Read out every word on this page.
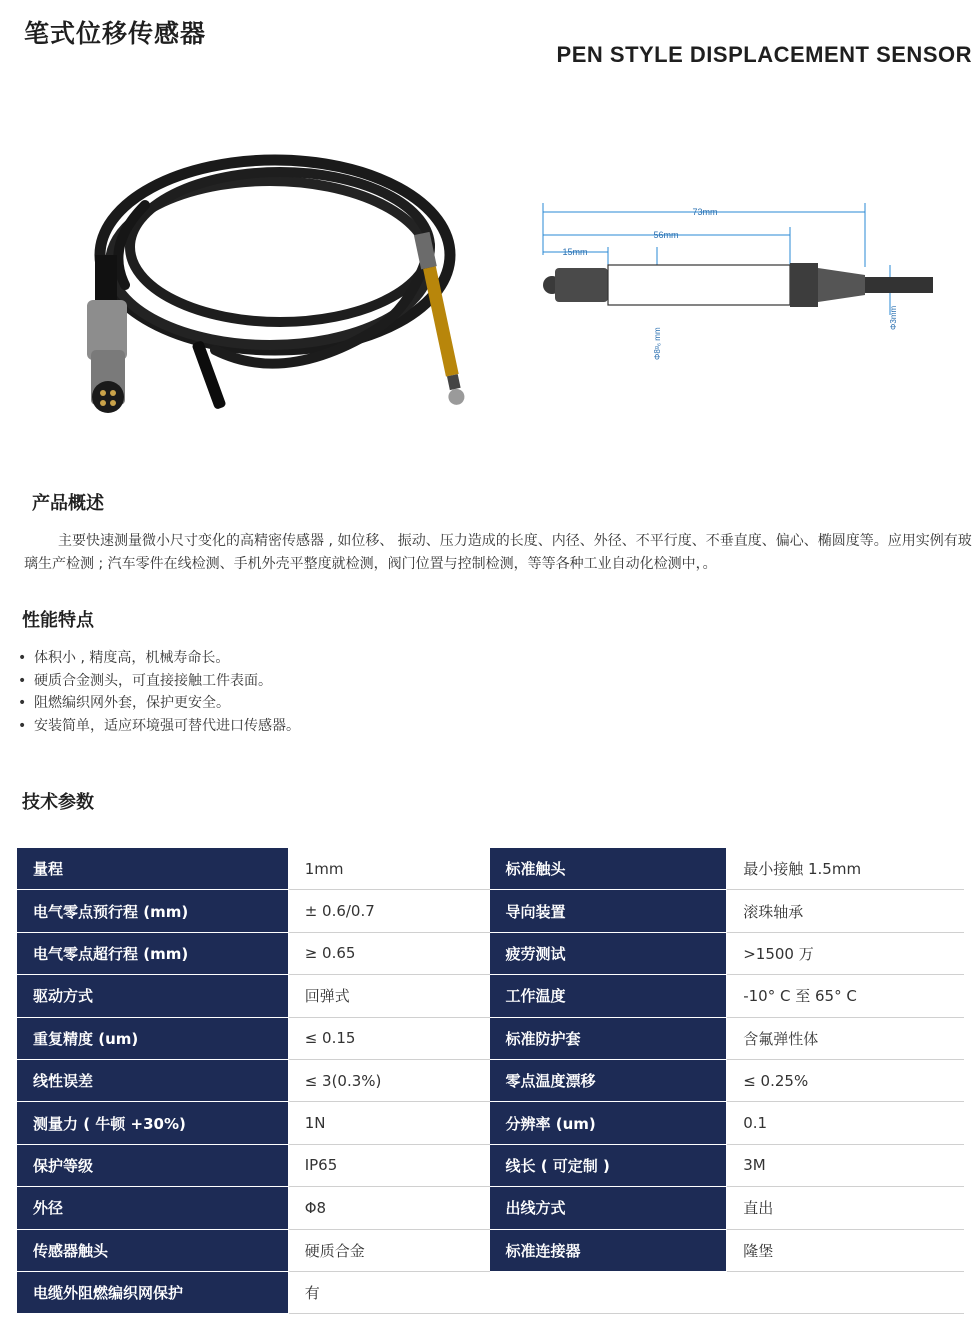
笔式位移传感器
PEN STYLE DISPLACEMENT SENSOR
73mm
56mm
15mm
Φ8ᵍ₆ mm
Φ3mm
产品概述
主要快速测量微小尺寸变化的高精密传感器 , 如位移、 振动、压力造成的长度、内径、外径、不平行度、不垂直度、偏心、椭圆度等。应用实例有玻璃生产检测 ; 汽车零件在线检测、手机外壳平整度就检测，阀门位置与控制检测，等等各种工业自动化检测中，。
性能特点
• 体积小 , 精度高，机械寿命长。
• 硬质合金测头，可直接接触工件表面。
• 阻燃编织网外套，保护更安全。
• 安装简单，适应环境强可替代进口传感器。
技术参数
量程	1mm	标准触头	最小接触 1.5mm
电气零点预行程 (mm)	± 0.6/0.7	导向装置	滚珠轴承
电气零点超行程 (mm)	≥ 0.65	疲劳测试	>1500 万
驱动方式	回弹式	工作温度	-10° C 至 65° C
重复精度 (um)	≤ 0.15	标准防护套	含氟弹性体
线性误差	≤ 3(0.3%)	零点温度漂移	≤ 0.25%
测量力 ( 牛顿 +30%)	1N	分辨率 (um)	0.1
保护等级	IP65	线长 ( 可定制 )	3M
外径	Φ8	出线方式	直出
传感器触头	硬质合金	标准连接器	隆堡
电缆外阻燃编织网保护	有		
